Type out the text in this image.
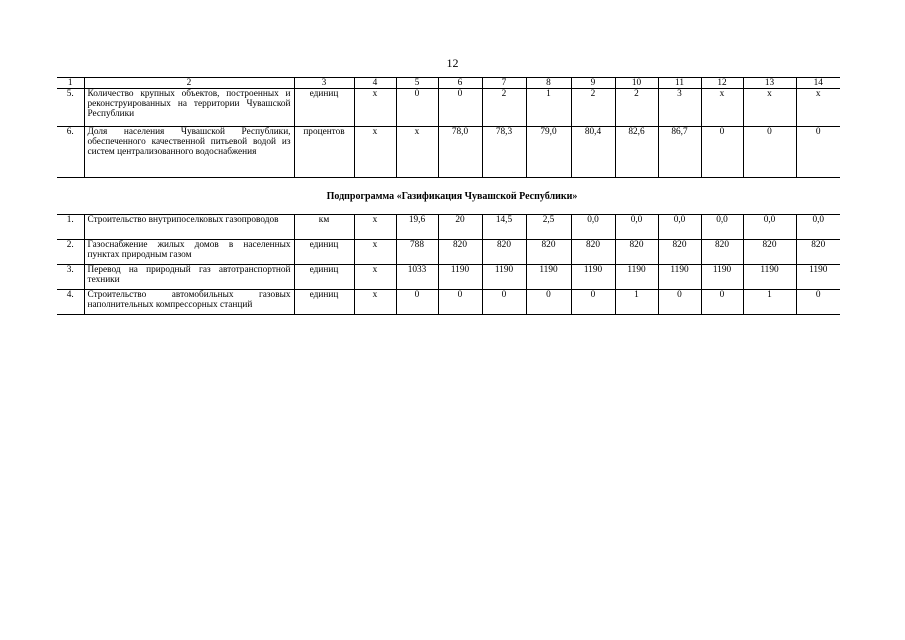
12
1	2	3	4	5	6	7	8	9	10	11	12	13	14
5.	Количество крупных объектов, построенных и реконструированных на территории Чувашской Республики	единиц	x	0	0	2	1	2	2	3	x	x	x
6.	Доля населения Чувашской Республики, обеспеченного качественной питьевой водой из систем централизованного водоснабжения	процентов	x	x	78,0	78,3	79,0	80,4	82,6	86,7	0	0	0
Подпрограмма «Газификация Чувашской Республики»
1.	Строительство внутрипоселковых газопроводов	км	x	19,6	20	14,5	2,5	0,0	0,0	0,0	0,0	0,0	0,0
2.	Газоснабжение жилых домов в населенных пунктах природным газом	единиц	x	788	820	820	820	820	820	820	820	820	820
3.	Перевод на природный газ автотранспортной техники	единиц	x	1033	1190	1190	1190	1190	1190	1190	1190	1190	1190
4.	Строительство автомобильных газовых наполнительных компрессорных станций	единиц	x	0	0	0	0	0	1	0	0	1	0
